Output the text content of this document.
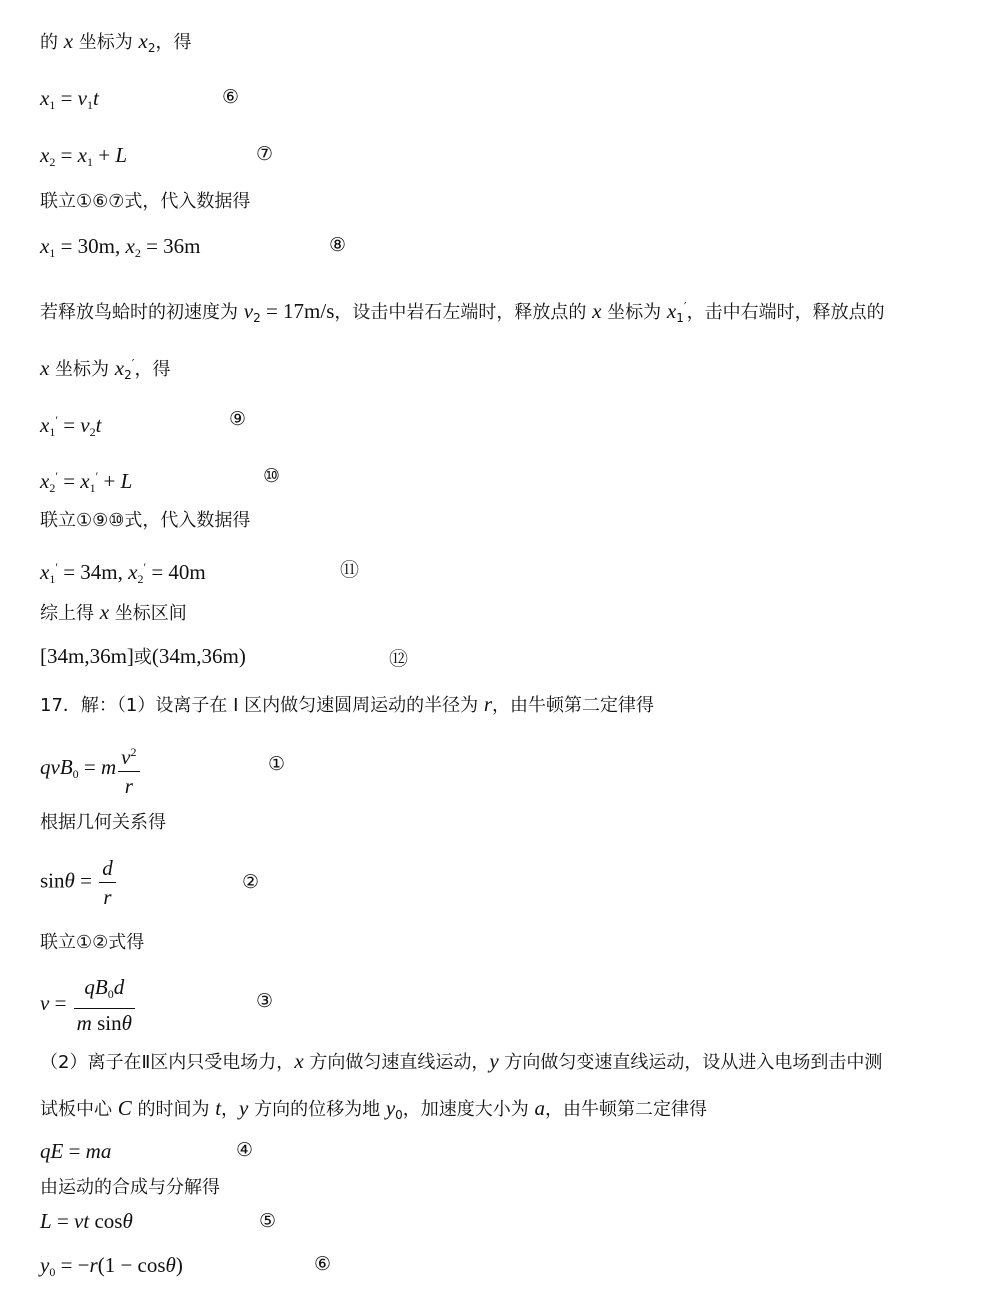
的 x 坐标为 $x_2$，得
$x_1 = v_1t$	⑥
$x_2 = x_1 + L$	⑦
联立①⑥⑦式，代入数据得
$x_1 = 30m$, $x_2 = 36m$	⑧
若释放鸟蛤时的初速度为 $v_2 = 17m/s$，设击中岩石左端时，释放点的 x 坐标为 $x_1'$，击中右端时，释放点的
x 坐标为 $x_2'$，得
$x_1' = v_2t$	⑨
$x_2' = x_1' + L$	⑩
联立①⑨⑩式，代入数据得
$x_1' = 34m$, $x_2' = 40m$	⑪
综上得 x 坐标区间
[34m,36m]或(34m,36m)	⑫
17．解：（1）设离子在 Ⅰ 区内做匀速圆周运动的半径为 r，由牛顿第二定律得
qvB$_0$ = m $\frac{v^2}{r}$	①
根据几何关系得
$\sin\theta = \frac{d}{r}$	②
联立①②式得
$v = \frac{qB_0d}{\text{m sinθ}}$	③
（2）离子在Ⅱ区内只受电场力，x 方向做匀速直线运动，y 方向做匀变速直线运动，设从进入电场到击中测
试板中心 C 的时间为 t，y 方向的位移为地 $y_0$，加速度大小为 a，由牛顿第二定律得
qE = ma	④
由运动的合成与分解得
L = vt cosθ	⑤
$y_0 = -r(1 - \cos\theta)$	⑥
